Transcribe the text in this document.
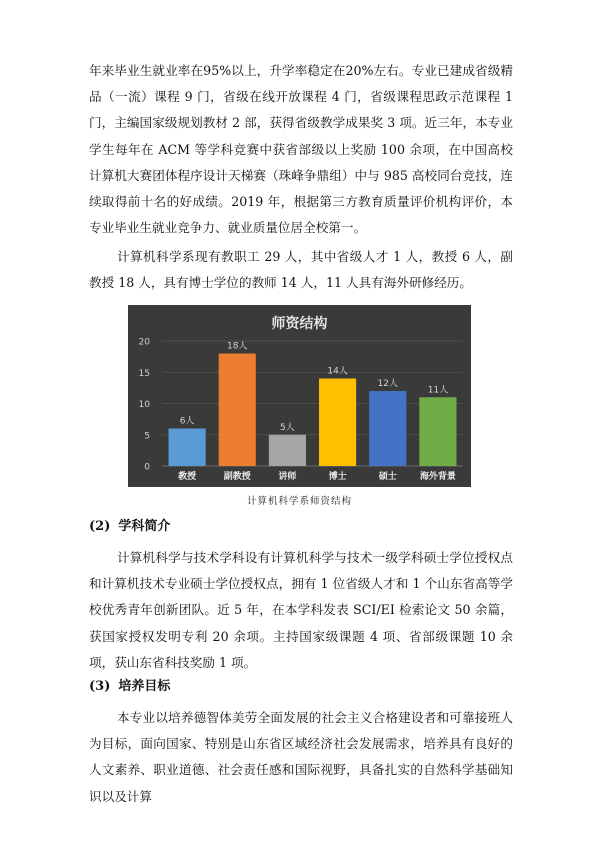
年来毕业生就业率在95%以上，升学率稳定在20%左右。专业已建成省级精品（一流）课程 9 门，省级在线开放课程 4 门，省级课程思政示范课程 1 门，主编国家级规划教材 2 部，获得省级教学成果奖 3 项。近三年，本专业学生每年在 ACM 等学科竞赛中获省部级以上奖励 100 余项，在中国高校计算机大赛团体程序设计天梯赛（珠峰争鼎组）中与 985 高校同台竞技，连续取得前十名的好成绩。2019 年，根据第三方教育质量评价机构评价，本专业毕业生就业竞争力、就业质量位居全校第一。

计算机科学系现有教职工 29 人，其中省级人才 1 人，教授 6 人，副教授 18 人，具有博士学位的教师 14 人，11 人具有海外研修经历。

师资结构
0
5
10
15
20
6人
教授
18人
副教授
5人
讲师
14人
博士
12人
硕士
11人
海外背景
计算机科学系师资结构

(2) 学科简介

计算机科学与技术学科设有计算机科学与技术一级学科硕士学位授权点和计算机技术专业硕士学位授权点，拥有 1 位省级人才和 1 个山东省高等学校优秀青年创新团队。近 5 年，在本学科发表 SCI/EI 检索论文 50 余篇，获国家授权发明专利 20 余项。主持国家级课题 4 项、省部级课题 10 余项，获山东省科技奖励 1 项。

(3) 培养目标

本专业以培养德智体美劳全面发展的社会主义合格建设者和可靠接班人为目标，面向国家、特别是山东省区域经济社会发展需求，培养具有良好的人文素养、职业道德、社会责任感和国际视野，具备扎实的自然科学基础知识以及计算
